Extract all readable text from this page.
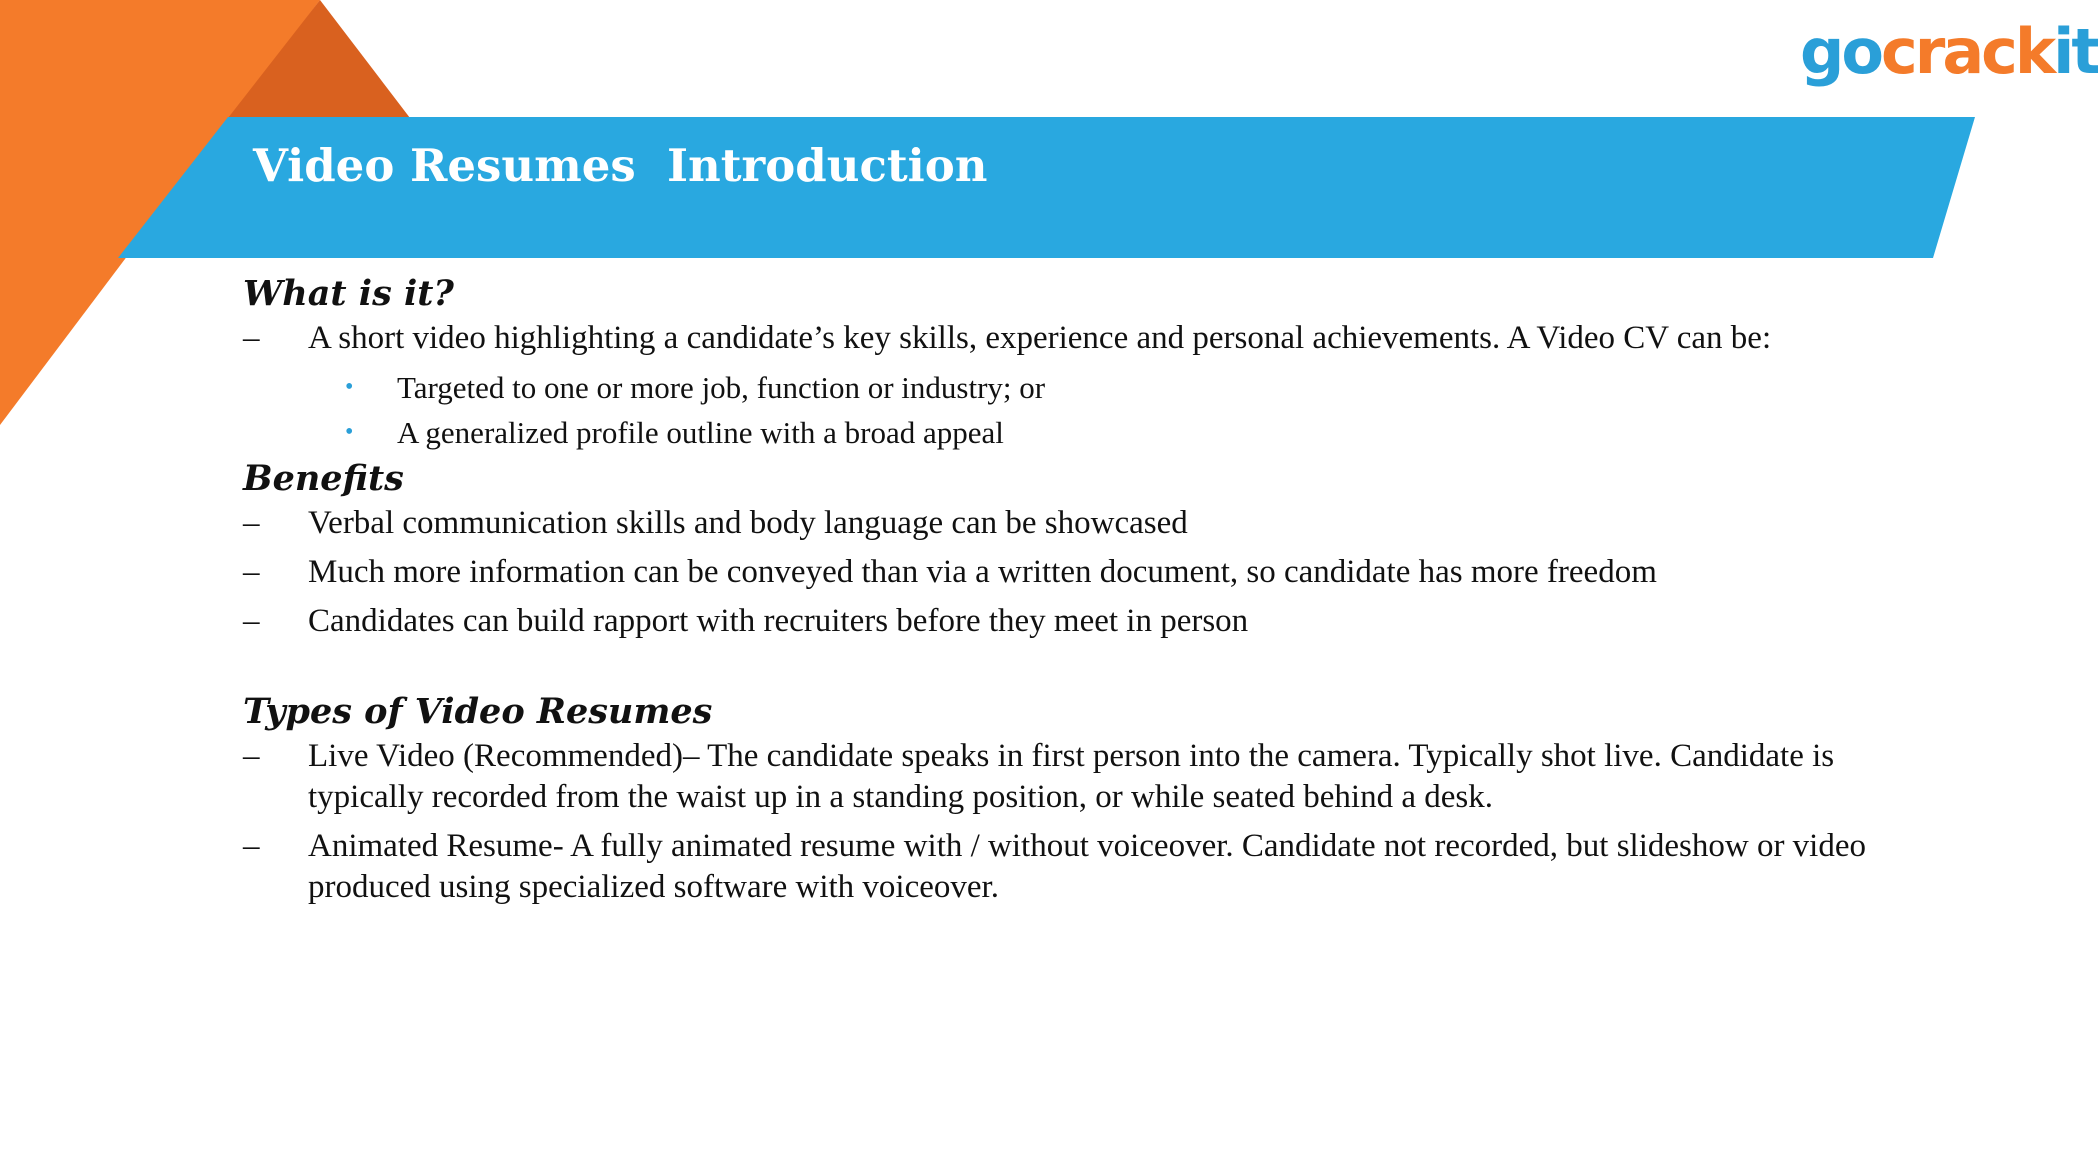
Video Resumes  Introduction
gocrackit
What is it?
– A short video highlighting a candidate’s key skills, experience and personal achievements. A Video CV can be:
• Targeted to one or more job, function or industry; or
• A generalized profile outline with a broad appeal
Benefits
– Verbal communication skills and body language can be showcased
– Much more information can be conveyed than via a written document, so candidate has more freedom
– Candidates can build rapport with recruiters before they meet in person
Types of Video Resumes
– Live Video (Recommended)– The candidate speaks in first person into the camera. Typically shot live. Candidate is typically recorded from the waist up in a standing position, or while seated behind a desk.
– Animated Resume- A fully animated resume with / without voiceover. Candidate not recorded, but slideshow or video produced using specialized software with voiceover.
